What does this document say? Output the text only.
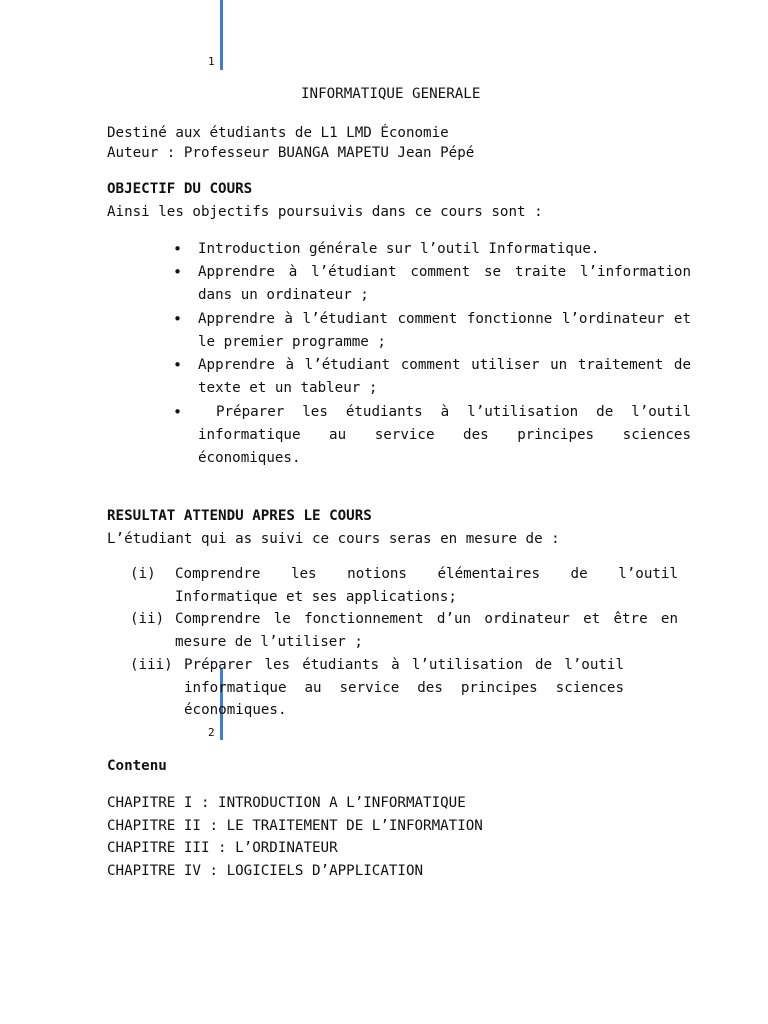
1
2
INFORMATIQUE GENERALE
Destiné aux étudiants de L1 LMD Économie
Auteur : Professeur BUANGA MAPETU Jean Pépé
OBJECTIF DU COURS
Ainsi les objectifs poursuivis dans ce cours sont :
• Introduction générale sur l’outil Informatique.
• Apprendre à l’étudiant comment se traite l’information dans un ordinateur ;
• Apprendre à l’étudiant comment fonctionne l’ordinateur et le premier programme ;
• Apprendre à l’étudiant comment utiliser un traitement de texte et un tableur ;
• Préparer les étudiants à l’utilisation de l’outil informatique au service des principes sciences économiques.
RESULTAT ATTENDU APRES LE COURS
L’étudiant qui as suivi ce cours seras en mesure de :
(i) Comprendre les notions élémentaires de l’outil Informatique et ses applications;
(ii) Comprendre le fonctionnement d’un ordinateur et être en mesure de l’utiliser ;
(iii) Préparer les étudiants à l’utilisation de l’outil informatique au service des principes sciences économiques.
Contenu
CHAPITRE I : INTRODUCTION A L’INFORMATIQUE
CHAPITRE II : LE TRAITEMENT DE L’INFORMATION
CHAPITRE III : L’ORDINATEUR
CHAPITRE IV : LOGICIELS D’APPLICATION
